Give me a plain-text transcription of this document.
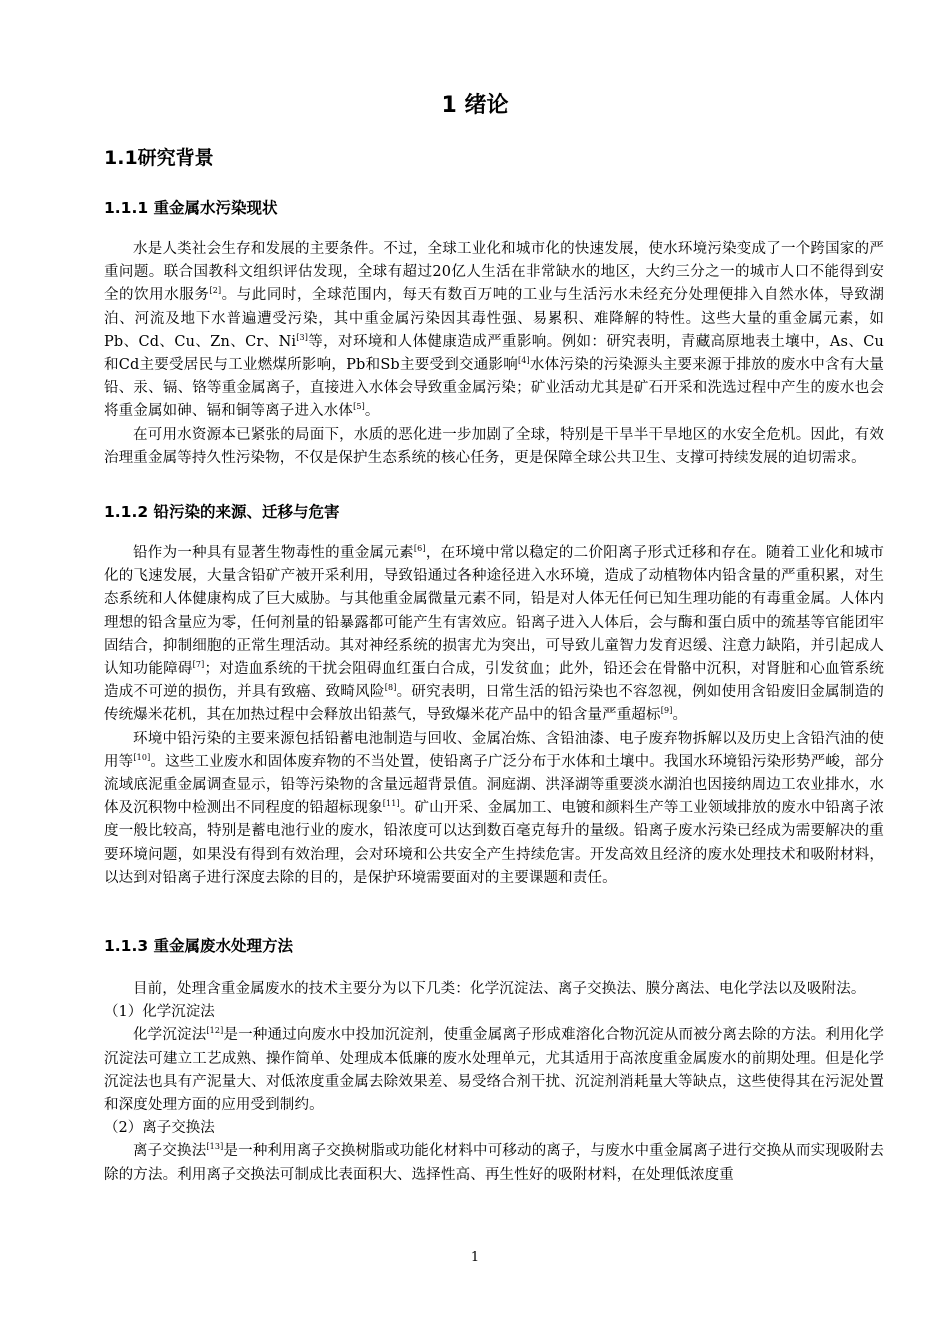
1 绪论
1.1研究背景
1.1.1 重金属水污染现状

水是人类社会生存和发展的主要条件。不过，全球工业化和城市化的快速发展，使水环境污染变成了一个跨国家的严重问题。联合国教科文组织评估发现，全球有超过20亿人生活在非常缺水的地区，大约三分之一的城市人口不能得到安全的饮用水服务[2]。与此同时，全球范围内，每天有数百万吨的工业与生活污水未经充分处理便排入自然水体，导致湖泊、河流及地下水普遍遭受污染，其中重金属污染因其毒性强、易累积、难降解的特性。这些大量的重金属元素，如Pb、Cd、Cu、Zn、Cr、Ni[3]等，对环境和人体健康造成严重影响。例如：研究表明，青藏高原地表土壤中，As、Cu和Cd主要受居民与工业燃煤所影响，Pb和Sb主要受到交通影响[4]水体污染的污染源头主要来源于排放的废水中含有大量铅、汞、镉、铬等重金属离子，直接进入水体会导致重金属污染；矿业活动尤其是矿石开采和洗选过程中产生的废水也会将重金属如砷、镉和铜等离子进入水体[5]。

在可用水资源本已紧张的局面下，水质的恶化进一步加剧了全球，特别是干旱半干旱地区的水安全危机。因此，有效治理重金属等持久性污染物，不仅是保护生态系统的核心任务，更是保障全球公共卫生、支撑可持续发展的迫切需求。

1.1.2 铅污染的来源、迁移与危害

铅作为一种具有显著生物毒性的重金属元素[6]，在环境中常以稳定的二价阳离子形式迁移和存在。随着工业化和城市化的飞速发展，大量含铅矿产被开采利用，导致铅通过各种途径进入水环境，造成了动植物体内铅含量的严重积累，对生态系统和人体健康构成了巨大威胁。与其他重金属微量元素不同，铅是对人体无任何已知生理功能的有毒重金属。人体内理想的铅含量应为零，任何剂量的铅暴露都可能产生有害效应。铅离子进入人体后，会与酶和蛋白质中的巯基等官能团牢固结合，抑制细胞的正常生理活动。其对神经系统的损害尤为突出，可导致儿童智力发育迟缓、注意力缺陷，并引起成人认知功能障碍[7]；对造血系统的干扰会阻碍血红蛋白合成，引发贫血；此外，铅还会在骨骼中沉积，对肾脏和心血管系统造成不可逆的损伤，并具有致癌、致畸风险[8]。研究表明，日常生活的铅污染也不容忽视，例如使用含铅废旧金属制造的传统爆米花机，其在加热过程中会释放出铅蒸气，导致爆米花产品中的铅含量严重超标[9]。

环境中铅污染的主要来源包括铅蓄电池制造与回收、金属冶炼、含铅油漆、电子废弃物拆解以及历史上含铅汽油的使用等[10]。这些工业废水和固体废弃物的不当处置，使铅离子广泛分布于水体和土壤中。我国水环境铅污染形势严峻，部分流域底泥重金属调查显示，铅等污染物的含量远超背景值。洞庭湖、洪泽湖等重要淡水湖泊也因接纳周边工农业排水，水体及沉积物中检测出不同程度的铅超标现象[11]。矿山开采、金属加工、电镀和颜料生产等工业领域排放的废水中铅离子浓度一般比较高，特别是蓄电池行业的废水，铅浓度可以达到数百毫克每升的量级。铅离子废水污染已经成为需要解决的重要环境问题，如果没有得到有效治理，会对环境和公共安全产生持续危害。开发高效且经济的废水处理技术和吸附材料，以达到对铅离子进行深度去除的目的，是保护环境需要面对的主要课题和责任。

1.1.3 重金属废水处理方法

目前，处理含重金属废水的技术主要分为以下几类：化学沉淀法、离子交换法、膜分离法、电化学法以及吸附法。

（1）化学沉淀法

化学沉淀法[12]是一种通过向废水中投加沉淀剂，使重金属离子形成难溶化合物沉淀从而被分离去除的方法。利用化学沉淀法可建立工艺成熟、操作简单、处理成本低廉的废水处理单元，尤其适用于高浓度重金属废水的前期处理。但是化学沉淀法也具有产泥量大、对低浓度重金属去除效果差、易受络合剂干扰、沉淀剂消耗量大等缺点，这些使得其在污泥处置和深度处理方面的应用受到制约。

（2）离子交换法

离子交换法[13]是一种利用离子交换树脂或功能化材料中可移动的离子，与废水中重金属离子进行交换从而实现吸附去除的方法。利用离子交换法可制成比表面积大、选择性高、再生性好的吸附材料，在处理低浓度重

1
